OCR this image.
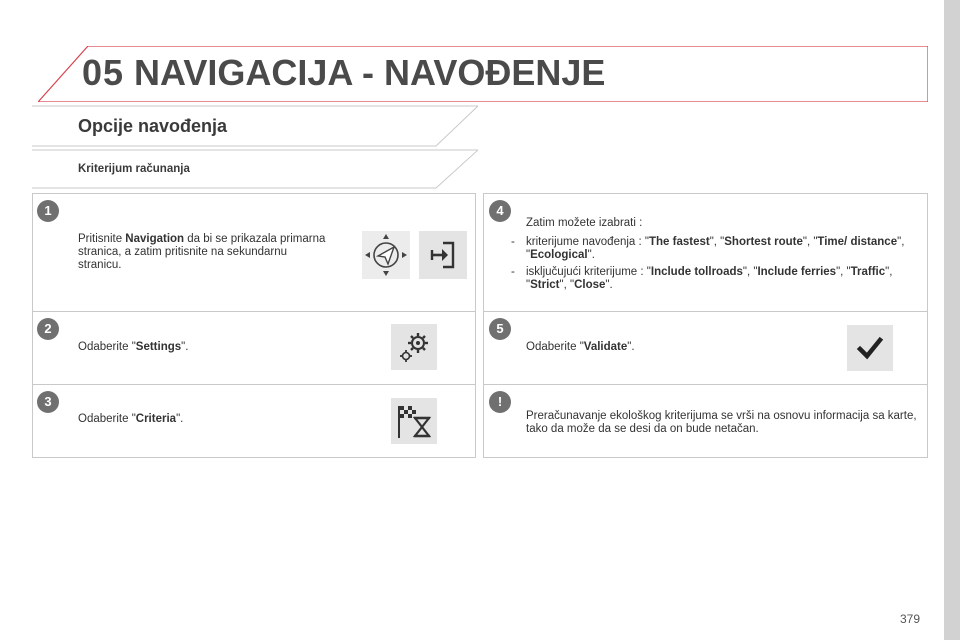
05 NAVIGACIJA - NAVOĐENJE
Opcije navođenja
Kriterijum računanja
1
Pritisnite Navigation da bi se prikazala primarna stranica, a zatim pritisnite na sekundarnu stranicu.
2
Odaberite "Settings".
3
Odaberite "Criteria".
4
Zatim možete izabrati :
- kriterijume navođenja : "The fastest", "Shortest route", "Time/ distance", "Ecological".
- isključujući kriterijume : "Include tollroads", "Include ferries", "Traffic", "Strict", "Close".
5
Odaberite "Validate".
!
Preračunavanje ekološkog kriterijuma se vrši na osnovu informacija sa karte, tako da može da se desi da on bude netačan.
379
